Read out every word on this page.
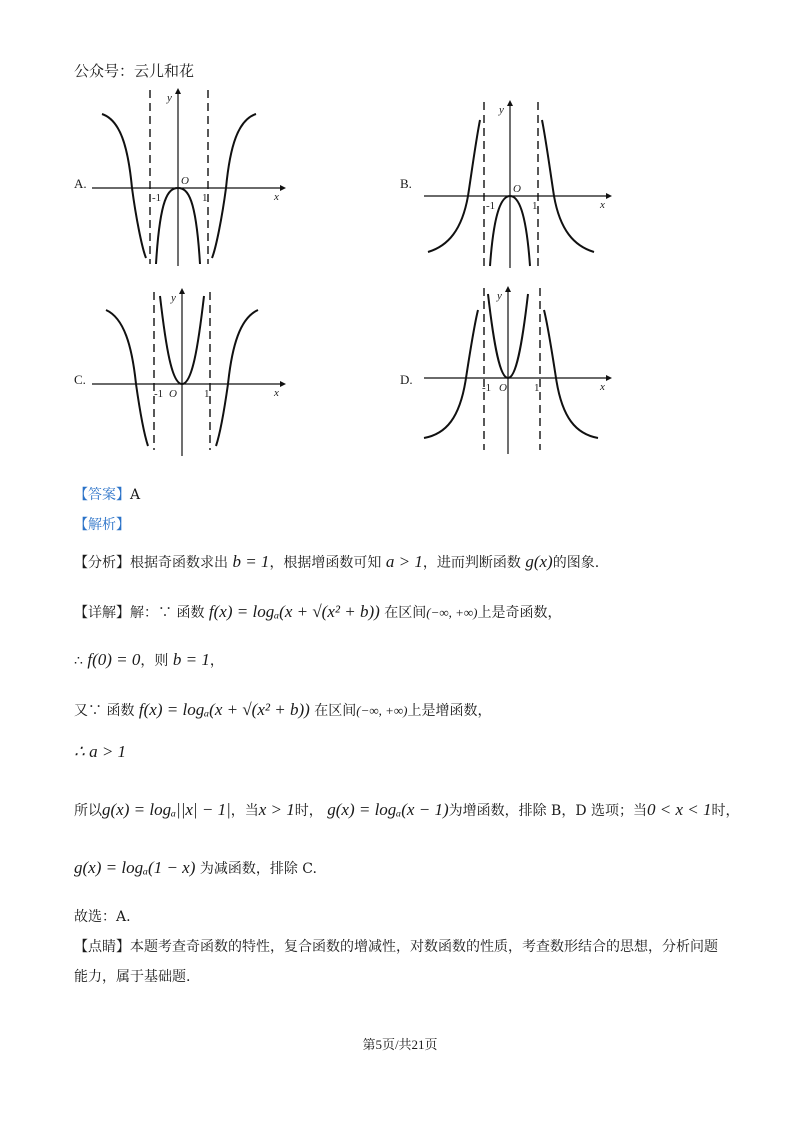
公众号：云儿和花
A.	B.
C.	D.
y
x
O
-1	1
y
x
O
-1	1
y
x
O
-1	1
y
x
O
-1	1
【答案】A
【解析】
【分析】根据奇函数求出 b = 1，根据增函数可知 a > 1，进而判断函数 g(x)的图象.
【详解】解：∵ 函数 f(x) = logₐ(x + √(x² + b)) 在区间(−∞, +∞)上是奇函数，
∴ f(0) = 0，则 b = 1，
又∵ 函数 f(x) = logₐ(x + √(x² + b)) 在区间(−∞, +∞)上是增函数，
∴ a > 1
所以g(x) = logₐ||x| − 1|，当x > 1时， g(x) = logₐ(x − 1)为增函数，排除 B，D 选项；当0 < x < 1时，
g(x) = logₐ(1 − x) 为减函数，排除 C.
故选：A.
【点睛】本题考查奇函数的特性，复合函数的增减性，对数函数的性质，考查数形结合的思想，分析问题
能力，属于基础题.
第5页/共21页
